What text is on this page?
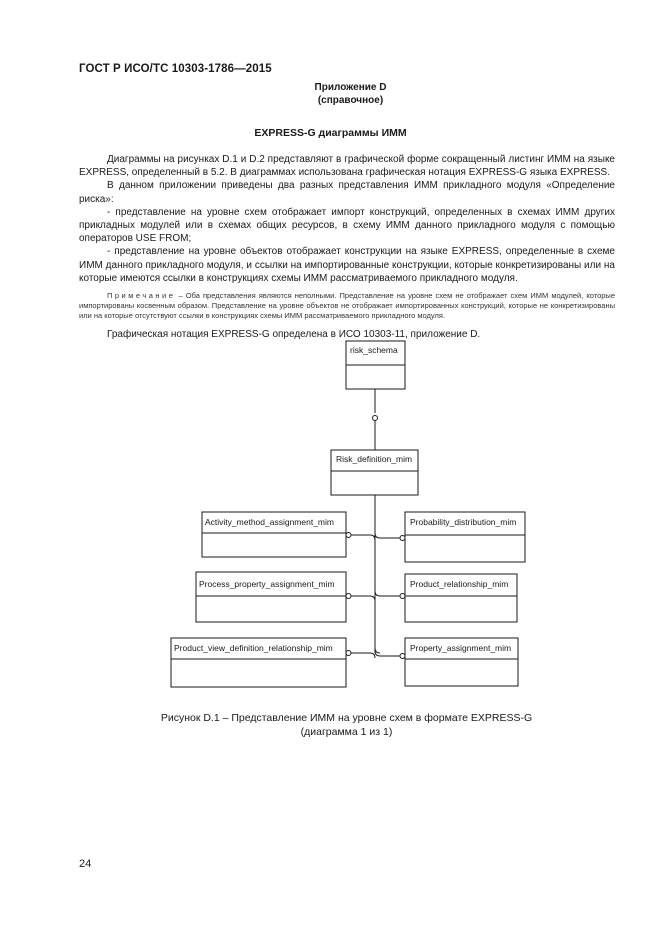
ГОСТ Р ИСО/ТС 10303-1786—2015
Приложение D
(справочное)
EXPRESS-G диаграммы ИММ

Диаграммы на рисунках D.1 и D.2 представляют в графической форме сокращенный листинг ИММ на языке EXPRESS, определенный в 5.2. В диаграммах использована графическая нотация EXPRESS-G языка EXPRESS.

В данном приложении приведены два разных представления ИММ прикладного модуля «Определение риска»:

- представление на уровне схем отображает импорт конструкций, определенных в схемах ИММ других прикладных модулей или в схемах общих ресурсов, в схему ИММ данного прикладного модуля с помощью операторов USE FROM;

- представление на уровне объектов отображает конструкции на языке EXPRESS, определенные в схеме ИММ данного прикладного модуля, и ссылки на импортированные конструкции, которые конкретизированы или на которые имеются ссылки в конструкциях схемы ИММ рассматриваемого прикладного модуля.

Примечание – Оба представления являются неполными. Представление на уровне схем не отображает схем ИММ модулей, которые импортированы косвенным образом. Представление на уровне объектов не отображает импортированных конструкций, которые не конкретизированы или на которые отсутствуют ссылки в конструкциях схемы ИММ рассматриваемого прикладного модуля.

Графическая нотация EXPRESS-G определена в ИСО 10303-11, приложение D.

risk_schema
Risk_definition_mim
Activity_method_assignment_mim
Process_property_assignment_mim
Product_view_definition_relationship_mim
Probability_distribution_mim
Product_relationship_mim
Property_assignment_mim
Рисунок D.1 – Представление ИММ на уровне схем в формате EXPRESS-G
(диаграмма 1 из 1)
24
